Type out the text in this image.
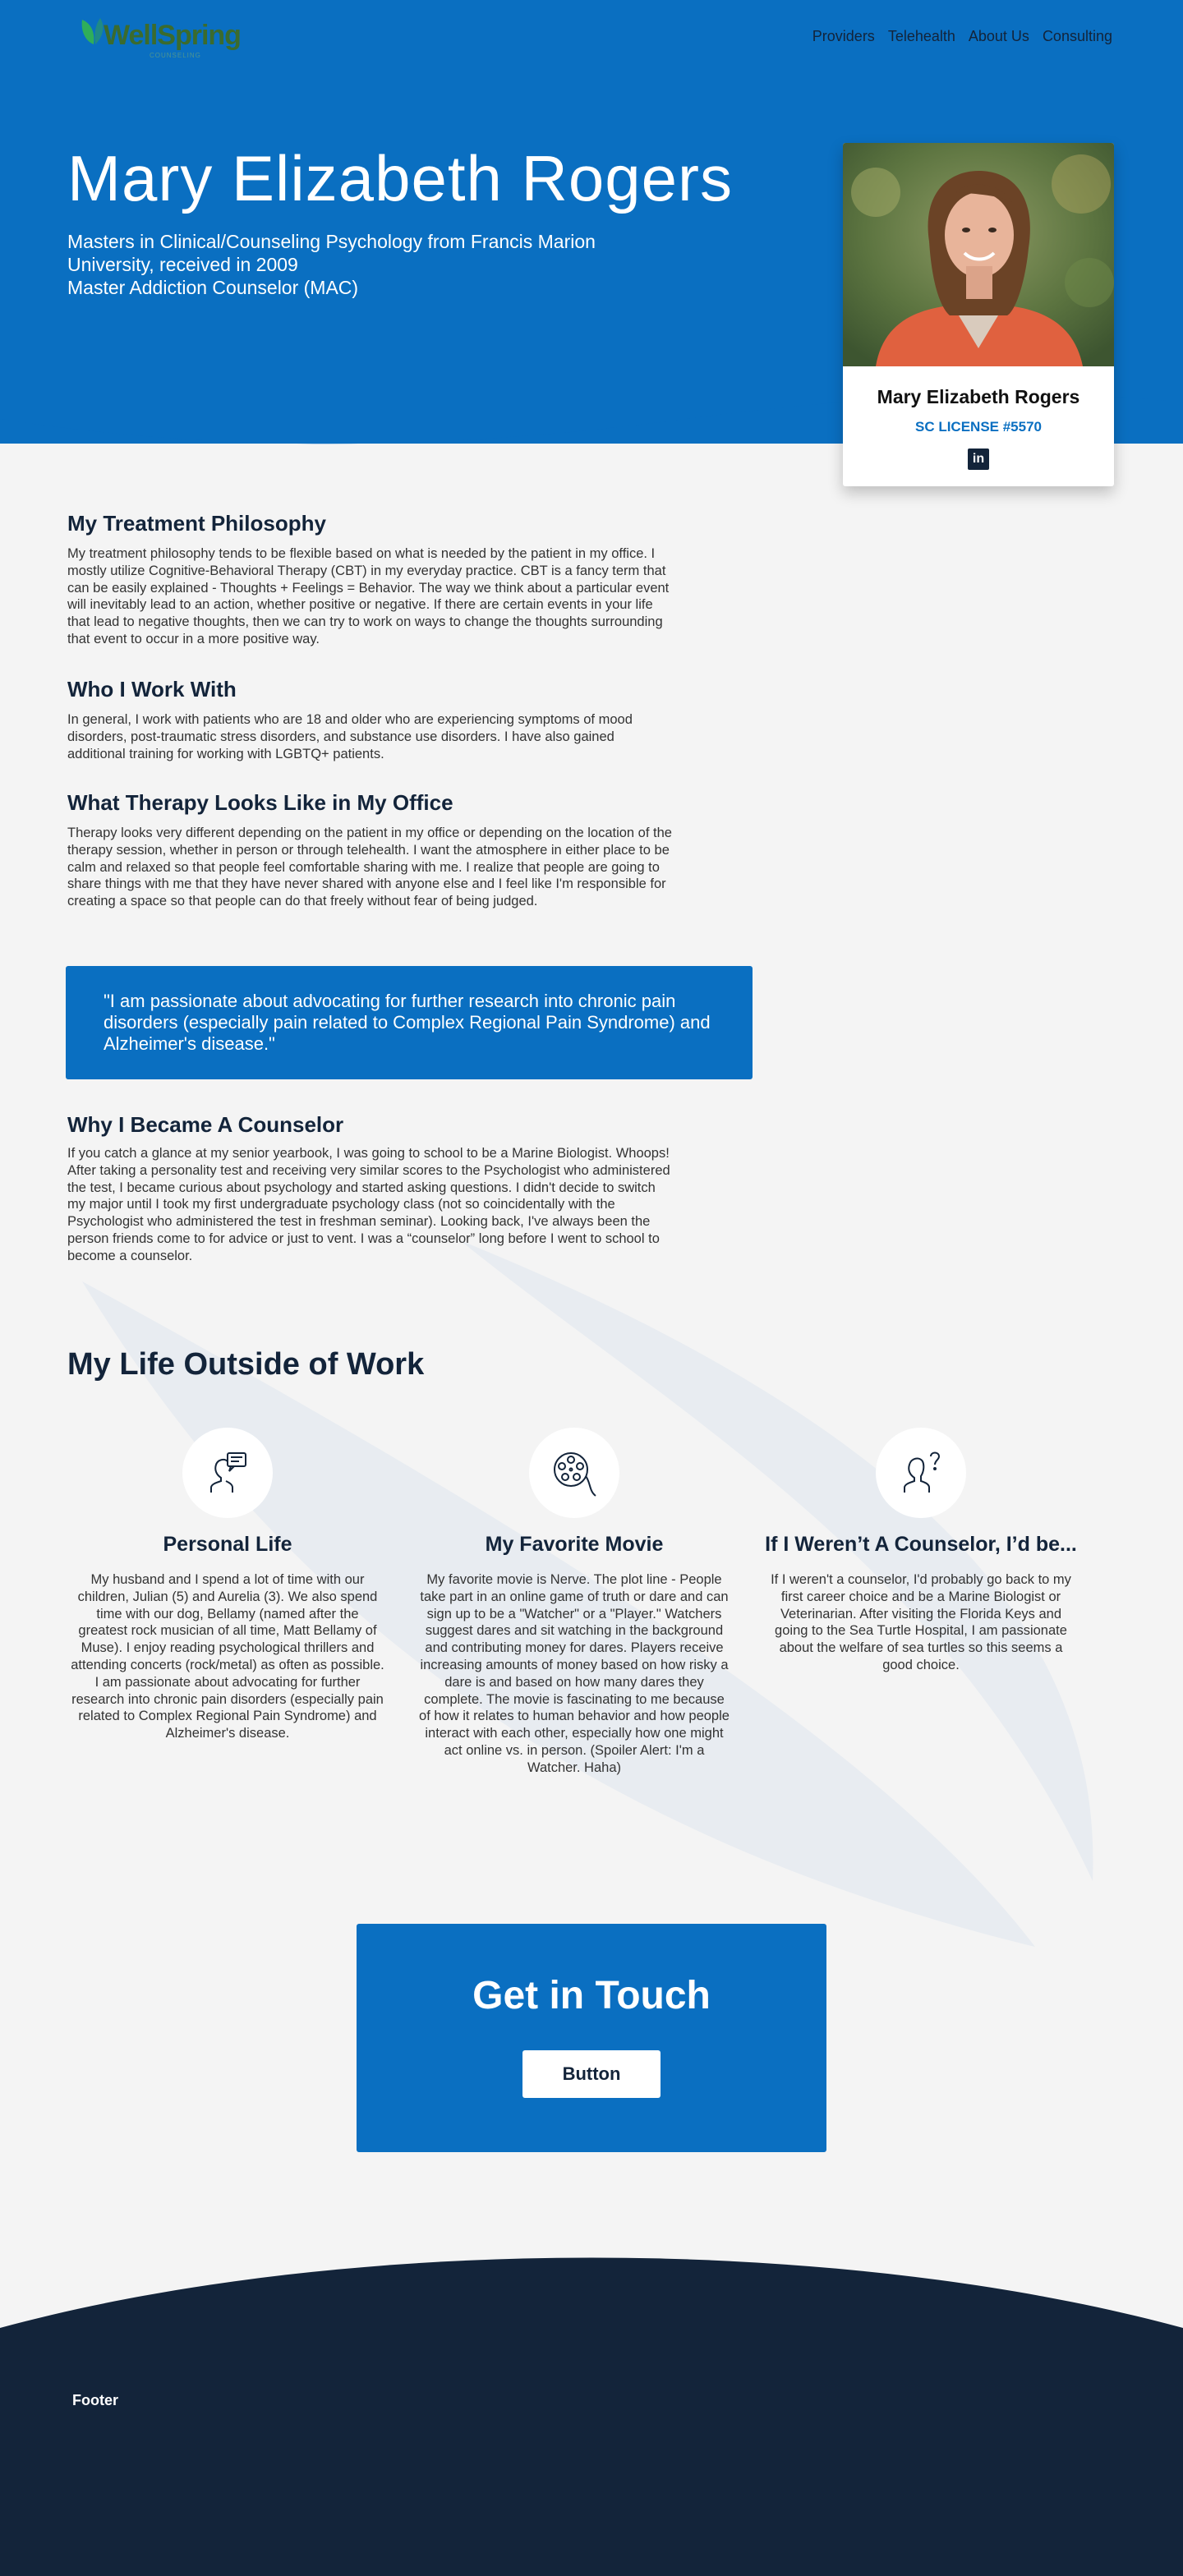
WellSpring
COUNSELING
Providers Telehealth About Us Consulting
Mary Elizabeth Rogers
Masters in Clinical/Counseling Psychology from Francis Marion University, received in 2009
Master Addiction Counselor (MAC)
Mary Elizabeth Rogers
SC LICENSE #5570
in
My Treatment Philosophy

My treatment philosophy tends to be flexible based on what is needed by the patient in my office. I mostly utilize Cognitive-Behavioral Therapy (CBT) in my everyday practice. CBT is a fancy term that can be easily explained - Thoughts + Feelings = Behavior. The way we think about a particular event will inevitably lead to an action, whether positive or negative. If there are certain events in your life that lead to negative thoughts, then we can try to work on ways to change the thoughts surrounding that event to occur in a more positive way.

Who I Work With

In general, I work with patients who are 18 and older who are experiencing symptoms of mood disorders, post-traumatic stress disorders, and substance use disorders. I have also gained additional training for working with LGBTQ+ patients.

What Therapy Looks Like in My Office

Therapy looks very different depending on the patient in my office or depending on the location of the therapy session, whether in person or through telehealth. I want the atmosphere in either place to be calm and relaxed so that people feel comfortable sharing with me. I realize that people are going to share things with me that they have never shared with anyone else and I feel like I'm responsible for creating a space so that people can do that freely without fear of being judged.

"I am passionate about advocating for further research into chronic pain disorders (especially pain related to Complex Regional Pain Syndrome) and Alzheimer's disease."
Why I Became A Counselor

If you catch a glance at my senior yearbook, I was going to school to be a Marine Biologist. Whoops! After taking a personality test and receiving very similar scores to the Psychologist who administered the test, I became curious about psychology and started asking questions. I didn't decide to switch my major until I took my first undergraduate psychology class (not so coincidentally with the Psychologist who administered the test in freshman seminar). Looking back, I've always been the person friends come to for advice or just to vent. I was a “counselor” long before I went to school to become a counselor.

My Life Outside of Work
Personal Life
My husband and I spend a lot of time with our children, Julian (5) and Aurelia (3). We also spend time with our dog, Bellamy (named after the greatest rock musician of all time, Matt Bellamy of Muse). I enjoy reading psychological thrillers and attending concerts (rock/metal) as often as possible. I am passionate about advocating for further research into chronic pain disorders (especially pain related to Complex Regional Pain Syndrome) and Alzheimer's disease.
My Favorite Movie
My favorite movie is Nerve. The plot line - People take part in an online game of truth or dare and can sign up to be a "Watcher" or a "Player." Watchers suggest dares and sit watching in the background and contributing money for dares. Players receive increasing amounts of money based on how risky a dare is and based on how many dares they complete. The movie is fascinating to me because of how it relates to human behavior and how people interact with each other, especially how one might act online vs. in person. (Spoiler Alert: I'm a Watcher. Haha)
If I Weren’t A Counselor, I’d be...
If I weren't a counselor, I'd probably go back to my first career choice and be a Marine Biologist or Veterinarian. After visiting the Florida Keys and going to the Sea Turtle Hospital, I am passionate about the welfare of sea turtles so this seems a good choice.
Get in Touch
Button
Footer
